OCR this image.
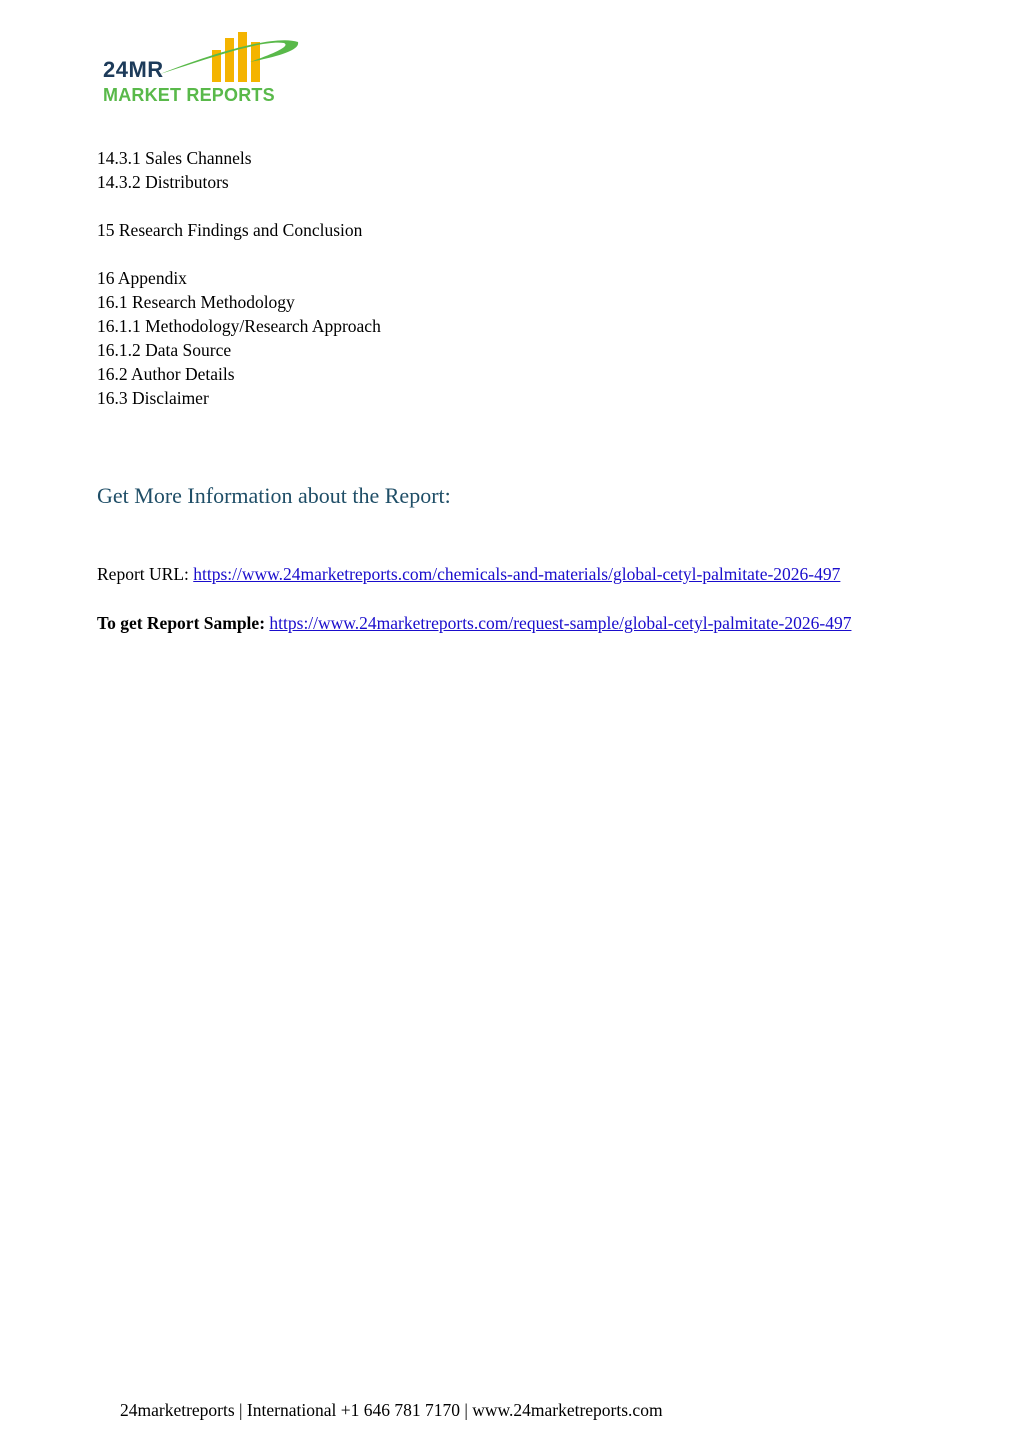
24MR
MARKET REPORTS
14.3.1 Sales Channels
14.3.2 Distributors
15 Research Findings and Conclusion
16 Appendix
16.1 Research Methodology
16.1.1 Methodology/Research Approach
16.1.2 Data Source
16.2 Author Details
16.3 Disclaimer
Get More Information about the Report:
Report URL: https://www.24marketreports.com/chemicals-and-materials/global-cetyl-palmitate-2026-497
To get Report Sample: https://www.24marketreports.com/request-sample/global-cetyl-palmitate-2026-497
24marketreports | International +1 646 781 7170 | www.24marketreports.com
